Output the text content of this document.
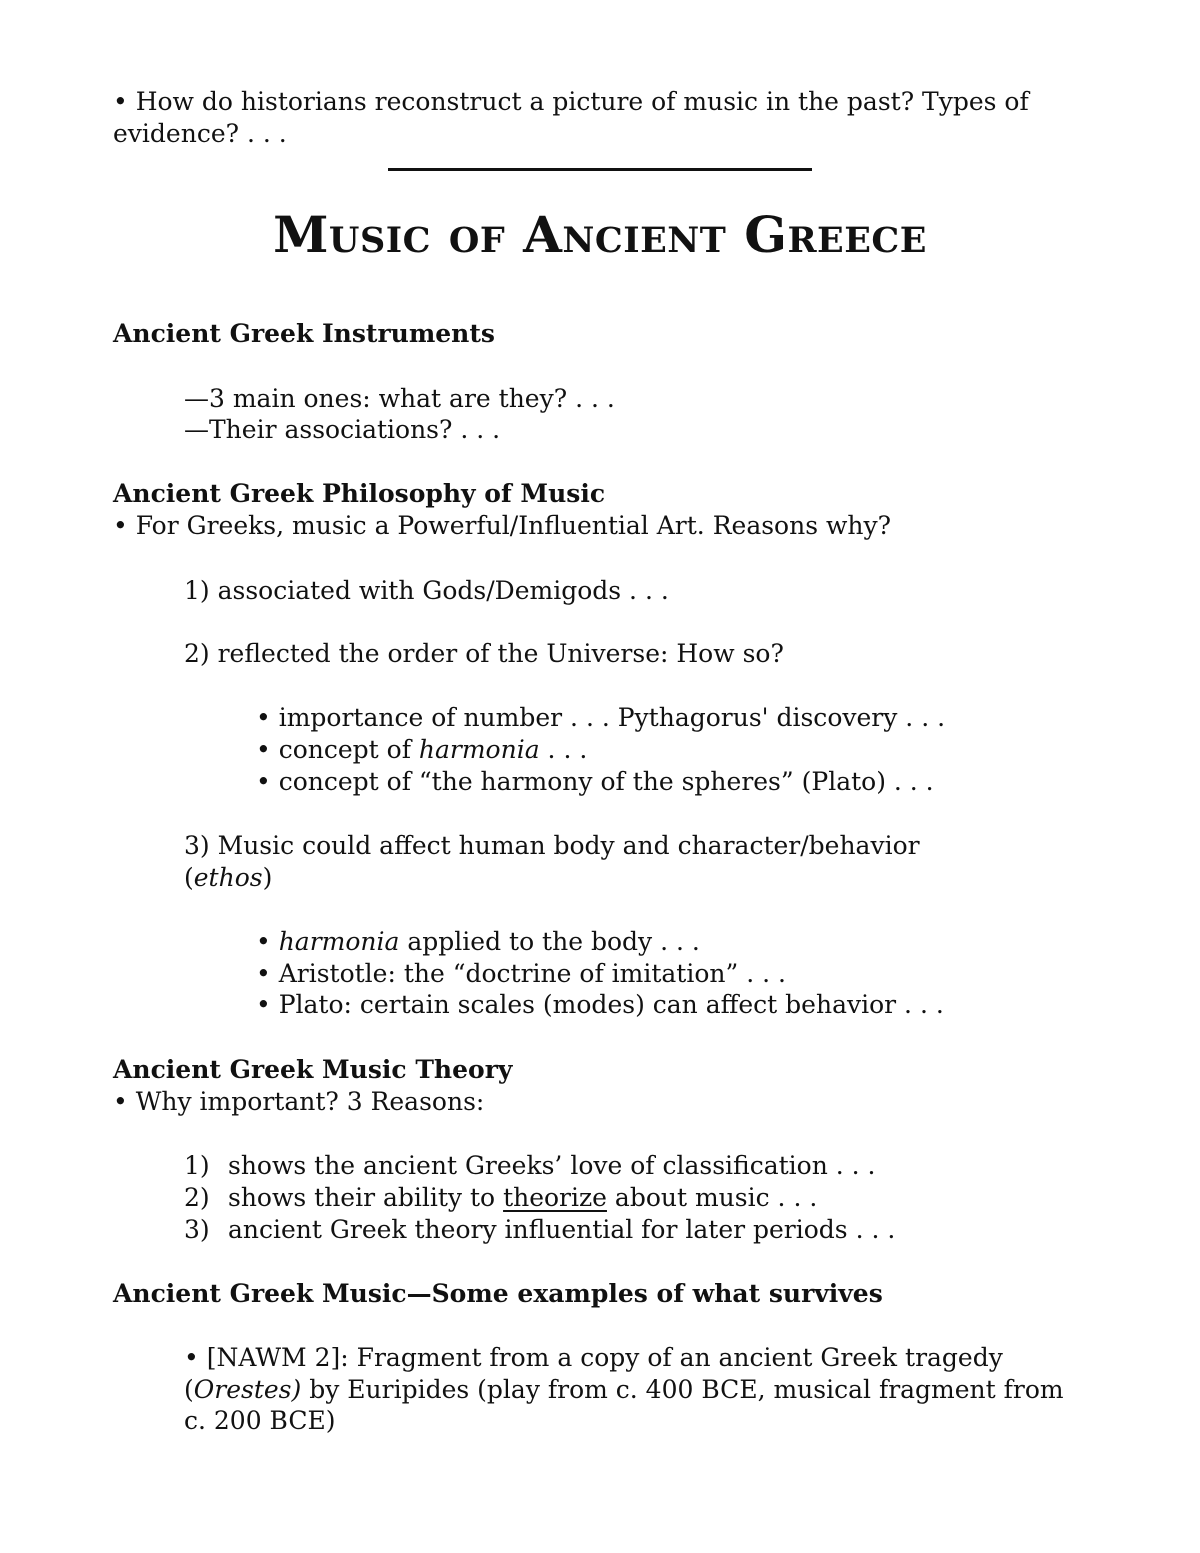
• How do historians reconstruct a picture of music in the past? Types of evidence? . . .
Music of Ancient Greece
Ancient Greek Instruments
—3 main ones: what are they? . . .
—Their associations? . . .
Ancient Greek Philosophy of Music
• For Greeks, music a Powerful/Influential Art. Reasons why?
1) associated with Gods/Demigods . . .
2) reflected the order of the Universe: How so?
• importance of number . . . Pythagorus' discovery . . .
• concept of harmonia . . .
• concept of “the harmony of the spheres” (Plato) . . .
3) Music could affect human body and character/behavior
(ethos)
• harmonia applied to the body . . .
• Aristotle: the “doctrine of imitation” . . .
• Plato: certain scales (modes) can affect behavior . . .
Ancient Greek Music Theory
• Why important? 3 Reasons:
1) shows the ancient Greeks’ love of classification . . .
2) shows their ability to theorize about music . . .
3) ancient Greek theory influential for later periods . . .
Ancient Greek Music—Some examples of what survives
• [NAWM 2]: Fragment from a copy of an ancient Greek tragedy (Orestes) by Euripides (play from c. 400 BCE, musical fragment from c. 200 BCE)
